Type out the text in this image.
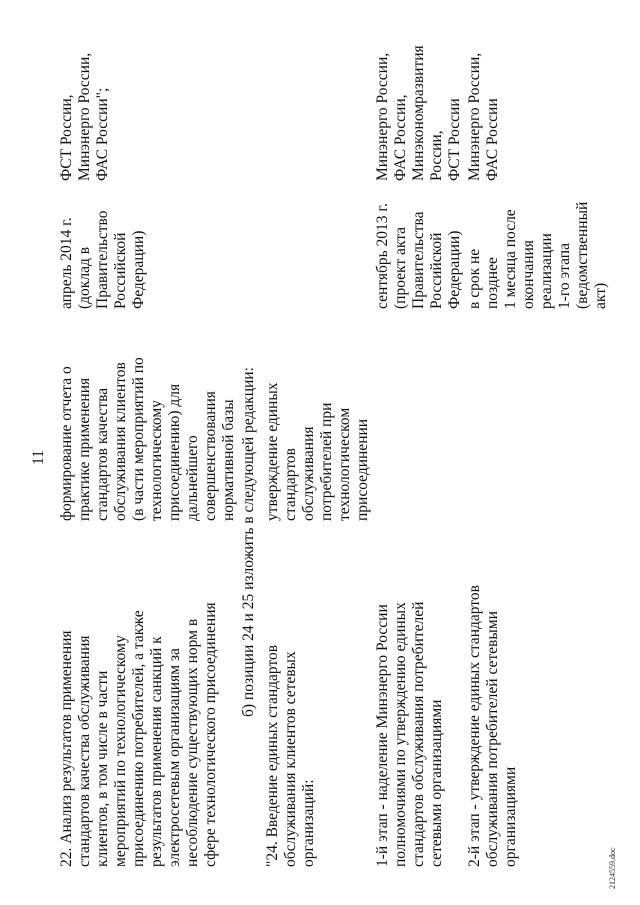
11

22. Анализ результатов применения
стандартов качества обслуживания
клиентов, в том числе в части
мероприятий по технологическому
присоединению потребителей, а также
результатов применения санкций к
электросетевым организациям за
несоблюдение существующих норм в
сфере технологического присоединения

формирование отчета о
практике применения
стандартов качества
обслуживания клиентов
(в части мероприятий по
технологическому
присоединению) для
дальнейшего
совершенствования
нормативной базы

апрель 2014 г.
(доклад в
Правительство
Российской
Федерации)

ФСТ России,
Минэнерго России,
ФАС России";

б) позиции 24 и 25 изложить в следующей редакции:

"24. Введение единых стандартов
обслуживания клиентов сетевых
организаций:

утверждение единых
стандартов обслуживания
потребителей при
технологическом
присоединении

1-й этап - наделение Минэнерго России
полномочиями по утверждению единых
стандартов обслуживания потребителей
сетевыми организациями

сентябрь 2013 г.
(проект акта
Правительства
Российской
Федерации)

Минэнерго России,
ФАС России,
Минэкономразвития
России,
ФСТ России

2-й этап - утверждение единых стандартов
обслуживания потребителей сетевыми
организациями

в срок не позднее
1 месяца после
окончания
реализации
1-го этапа
(ведомственный
акт)

Минэнерго России,
ФАС России

2124559.doc
